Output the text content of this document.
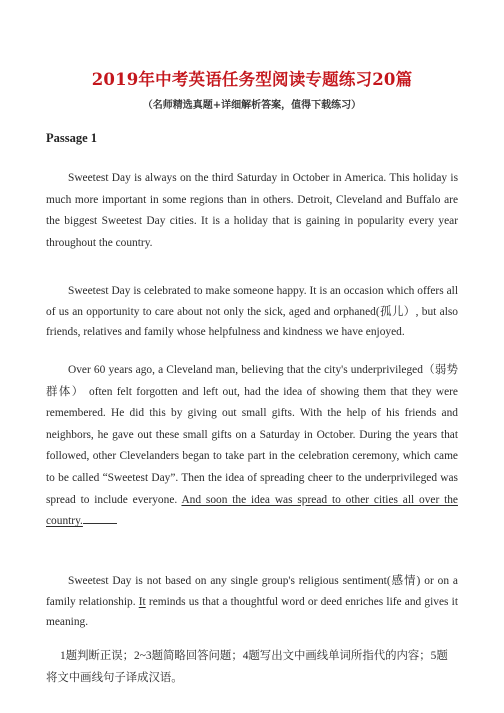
2019年中考英语任务型阅读专题练习20篇
（名师精选真题+详细解析答案，值得下载练习）
Passage 1

Sweetest Day is always on the third Saturday in October in America. This holiday is much more important in some regions than in others. Detroit, Cleveland and Buffalo are the biggest Sweetest Day cities. It is a holiday that is gaining in popularity every year throughout the country.

Sweetest Day is celebrated to make someone happy. It is an occasion which offers all of us an opportunity to care about not only the sick, aged and orphaned(孤儿）, but also friends, relatives and family whose helpfulness and kindness we have enjoyed.

Over 60 years ago, a Cleveland man, believing that the city's underprivileged（弱势群体） often felt forgotten and left out, had the idea of showing them that they were remembered. He did this by giving out small gifts. With the help of his friends and neighbors, he gave out these small gifts on a Saturday in October. During the years that followed, other Clevelanders began to take part in the celebration ceremony, which came to be called “Sweetest Day”. Then the idea of spreading cheer to the underprivileged was spread to include everyone. And soon the idea was spread to other cities all over the country.

Sweetest Day is not based on any single group's religious sentiment(感情) or on a family relationship. It reminds us that a thoughtful word or deed enriches life and gives it meaning.

1题判断正误；2~3题简略回答问题；4题写出文中画线单词所指代的内容；5题将文中画线句子译成汉语。
